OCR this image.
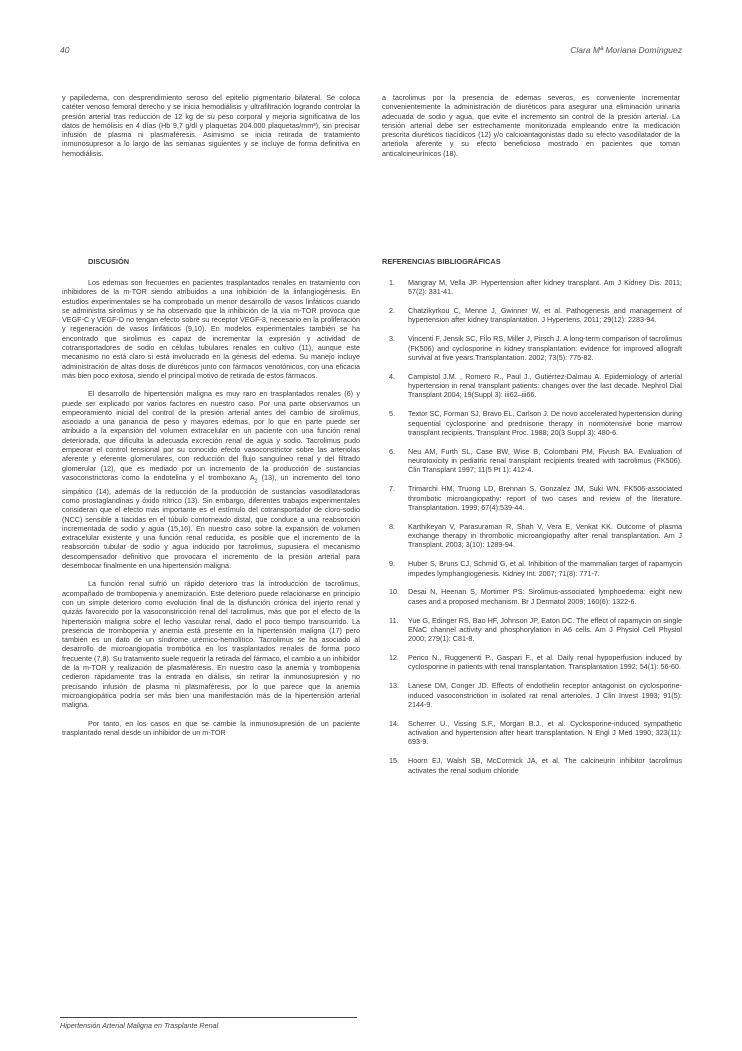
40	Clara Mª Moriana Domínguez

y papiledema, con desprendimiento seroso del epitelio pigmentario bilateral. Se coloca catéter venoso femoral derecho y se inicia hemodiálisis y ultrafiltración logrando controlar la presión arterial tras reducción de 12 kg de su peso corporal y mejoría significativa de los datos de hemólisis en 4 días (Hb 9,7 g/dl y plaquetas 204.000 plaquetas/mm³), sin precisar infusión de plasma ni plasmaféresis. Asimismo se inicia retirada de tratamiento inmunosupresor a lo largo de las semanas siguientes y se incluye de forma definitiva en hemodiálisis.

DISCUSIÓN

Los edemas son frecuentes en pacientes trasplantados renales en tratamiento con inhibidores de la m-TOR siendo atribuidos a una inhibición de la linfangiogénesis. En estudios experimentales se ha comprobado un menor desarrollo de vasos linfáticos cuando se administra sirolimus y se ha observado que la inhibición de la vía m-TOR provoca que VEGF-C y VEGF-D no tengan efecto sobre su receptor VEGF-3, necesario en la proliferación y regeneración de vasos linfáticos (9,10). En modelos experimentales también se ha encontrado que sirolimus es capaz de incrementar la expresión y actividad de cotransportadores de sodio en células tubulares renales en cultivo (11), aunque este mecanismo no está claro si está involucrado en la génesis del edema. Su manejo incluye administración de altas dosis de diuréticos junto con fármacos venotónicos, con una eficacia más bien poco exitosa, siendo el principal motivo de retirada de estos fármacos.

El desarrollo de hipertensión maligna es muy raro en trasplantados renales (6) y puede ser explicado por varios factores en nuestro caso. Por una parte observamos un empeoramiento inicial del control de la presión arterial antes del cambio de sirolimus, asociado a una ganancia de peso y mayores edemas, por lo que en parte puede ser atribuido a la expansión del volumen extracelular en un paciente con una función renal deteriorada, que dificulta la adecuada excreción renal de agua y sodio. Tacrolimus pudo empeorar el control tensional por su conocido efecto vasoconstrictor sobre las arteriolas aferente y eferente glomerulares, con reducción del flujo sanguíneo renal y del filtrado glomerular (12), que es mediado por un incremento de la producción de sustancias vasoconstrictoras como la endotelina y el tromboxano $A_2$ (13), un incremento del tono simpático (14), además de la reducción de la producción de sustancias vasodilatadoras como prostaglandinas y óxido nítrico (13). Sin embargo, diferentes trabajos experimentales consideran que el efecto más importante es el estímulo del cotransportador de cloro-sodio (NCC) sensible a tiacidas en el túbulo contorneado distal, que conduce a una reabsorción incrementada de sodio y agua (15,16). En nuestro caso sobre la expansión de volumen extracelular existente y una función renal reducida, es posible que el incremento de la reabsorción tubular de sodio y agua inducido por tacrolimus, supusiera el mecanismo descompensador definitivo que provocara el incremento de la presión arterial para desembocar finalmente en una hipertensión maligna.

La función renal sufrió un rápido deterioro tras la introducción de tacrolimus, acompañado de trombopenia y anemización. Este deterioro puede relacionarse en principio con un simple deterioro como evolución final de la disfunción crónica del injerto renal y quizás favorecido por la vasoconstricción renal del tacrolimus, más que por el efecto de la hipertensión maligna sobre el lecho vascular renal, dado el poco tiempo transcurrido. La presencia de trombopenia y anemia está presente en la hipertensión maligna (17) pero también es un dato de un síndrome urémico-hemolítico. Tacrolimus se ha asociado al desarrollo de microangiopatía trombótica en los trasplantados renales de forma poco frecuente (7,8). Su tratamiento suele requerir la retirada del fármaco, el cambio a un inhibidor de la m-TOR y realización de plasmaféresis. En nuestro caso la anemia y trombopenia cedieron rápidamente tras la entrada en diálisis, sin retirar la inmunosupresión y no precisando infusión de plasma ni plasmaféresis, por lo que parece que la anemia microangiopática podría ser más bien una manifestación más de la hipertensión arterial maligna.

Por tanto, en los casos en que se cambie la inmunosupresión de un paciente trasplantado renal desde un inhibidor de un m-TOR

a tacrolimus por la presencia de edemas severos, es conveniente incrementar convenientemente la administración de diuréticos para asegurar una eliminación urinaria adecuada de sodio y agua, que evite el incremento sin control de la presión arterial. La tensión arterial debe ser estrechamente monitorizada empleando entre la medicación prescrita diuréticos tiacídicos (12) y/o calcioantagonistas dado su efecto vasodilatador de la arteriola aferente y su efecto beneficioso mostrado en pacientes que toman anticalcineurínicos (18).

REFERENCIAS BIBLIOGRÁFICAS
1.	Mangray M, Vella JP. Hypertension after kidney transplant. Am J Kidney Dis. 2011; 57(2): 331-41.
2.	Chatzikyrkou C, Menne J, Gwinner W, et al. Pathogenesis and management of hypertension after kidney transplantation. J Hypertens. 2011; 29(12): 2283-94.
3.	Vincenti F, Jensik SC, Filo RS, Miller J, Pirsch J. A long-term comparison of tacrolimus (FK506) and cyclosporine in kidney transplantation: evidence for improved allograft survival at five years.Transplantation. 2002; 73(5): 775-82.
4.	Campistol J.M. , Romero R., Paul J., Gutiérrez-Dalmau A. Epidemiology of arterial hypertension in renal transplant patients: changes over the last decade. Nephrol Dial Transplant 2004; 19(Suppl 3): iii62–iii66.
5.	Textor SC, Forman SJ, Bravo EL, Carlson J. De novo accelerated hypertension during sequential cyclosporine and prednisone therapy in normotensive bone marrow transplant recipients. Transplant Proc. 1988; 20(3 Suppl 3): 480-6.
6.	Neu AM, Furth SL, Case BW, Wise B, Colombani PM, Fivush BA. Evaluation of neurotoxicity in pediatric renal transplant recipients treated with tacrolimus (FK506). Clin Transplant 1997; 11(5 Pt 1): 412-4.
7.	Trimarchi HM, Truong LD, Brennan S, Gonzalez JM, Suki WN. FK506-associated thrombotic microangiopathy: report of two cases and review of the literature. Transplantation. 1999; 67(4):539-44.
8.	Karthikeyan V, Parasuraman R, Shah V, Vera E, Venkat KK. Outcome of plasma exchange therapy in thrombotic microangiopathy after renal transplantation. Am J Transplant. 2003; 3(10): 1289-94.
9.	Huber S, Bruns CJ, Schmid G, et al. Inhibition of the mammalian target of rapamycin impedes lymphangiogenesis. Kidney Int. 2007; 71(8): 771-7.
10.	Desai N, Heenan S, Mortimer PS: Sirolimus-associated lymphoedema: eight new cases and a proposed mechanism. Br J Dermatol 2009; 160(6): 1322-6.
11.	Yue G, Edinger RS, Bao HF, Johnson JP, Eaton DC. The effect of rapamycin on single ENaC channel activity and phosphorylation in A6 cells. Am J Physiol Cell Physiol 2000; 279(1): C81-8.
12.	Perico N., Ruggenenti P., Gaspari F., et al. Daily renal hypoperfusion induced by cyclosporine in patients with renal transplantation. Transplantation 1992; 54(1): 56-60.
13.	Lanese DM, Conger JD. Effects of endothelin receptor antagonist on cyclosporine-induced vasoconstriction in isolated rat renal arterioles. J Clin Invest 1993; 91(5): 2144-9.
14.	Scherrer U., Vissing S.F., Morgan B.J., et al. Cyclosporine-induced sympathetic activation and hypertension after heart transplantation. N Engl J Med 1990; 323(11): 693-9.
15.	Hoorn EJ, Walsh SB, McCormick JA, et al. The calcineurin inhibitor tacrolimus activates the renal sodium chloride
Hipertensión Arterial Maligna en Trasplante Renal
